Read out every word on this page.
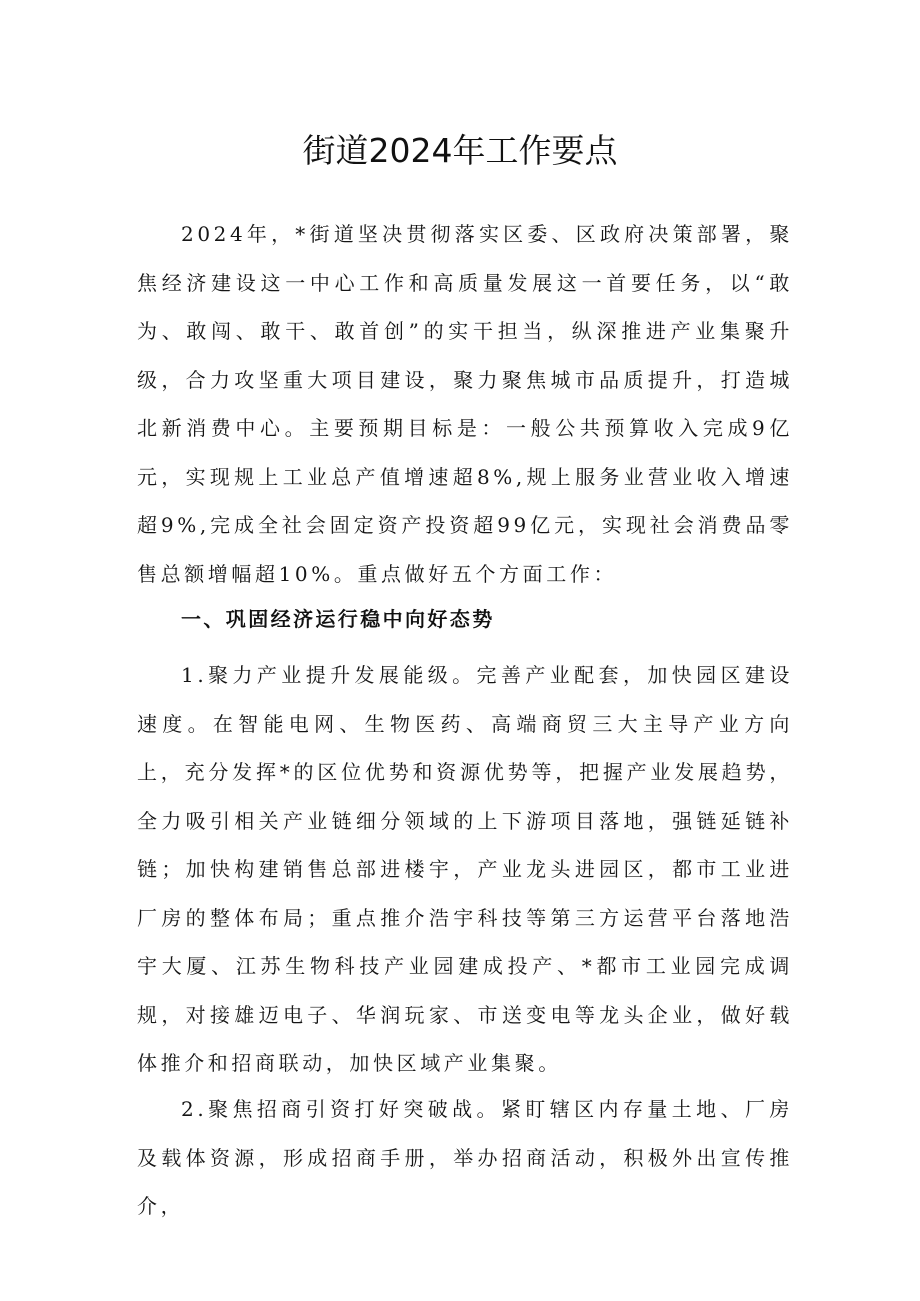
街道2024年工作要点

2024年，*街道坚决贯彻落实区委、区政府决策部署，聚焦经济建设这一中心工作和高质量发展这一首要任务，以“敢为、敢闯、敢干、敢首创”的实干担当，纵深推进产业集聚升级，合力攻坚重大项目建设，聚力聚焦城市品质提升，打造城北新消费中心。主要预期目标是：一般公共预算收入完成9亿元，实现规上工业总产值增速超8%,规上服务业营业收入增速超9%,完成全社会固定资产投资超99亿元，实现社会消费品零售总额增幅超10%。重点做好五个方面工作：

一、巩固经济运行稳中向好态势

1.聚力产业提升发展能级。完善产业配套，加快园区建设速度。在智能电网、生物医药、高端商贸三大主导产业方向上，充分发挥*的区位优势和资源优势等，把握产业发展趋势，全力吸引相关产业链细分领域的上下游项目落地，强链延链补链；加快构建销售总部进楼宇，产业龙头进园区，都市工业进厂房的整体布局；重点推介浩宇科技等第三方运营平台落地浩宇大厦、江苏生物科技产业园建成投产、*都市工业园完成调规，对接雄迈电子、华润玩家、市送变电等龙头企业，做好载体推介和招商联动，加快区域产业集聚。

2.聚焦招商引资打好突破战。紧盯辖区内存量土地、厂房及载体资源，形成招商手册，举办招商活动，积极外出宣传推介，
